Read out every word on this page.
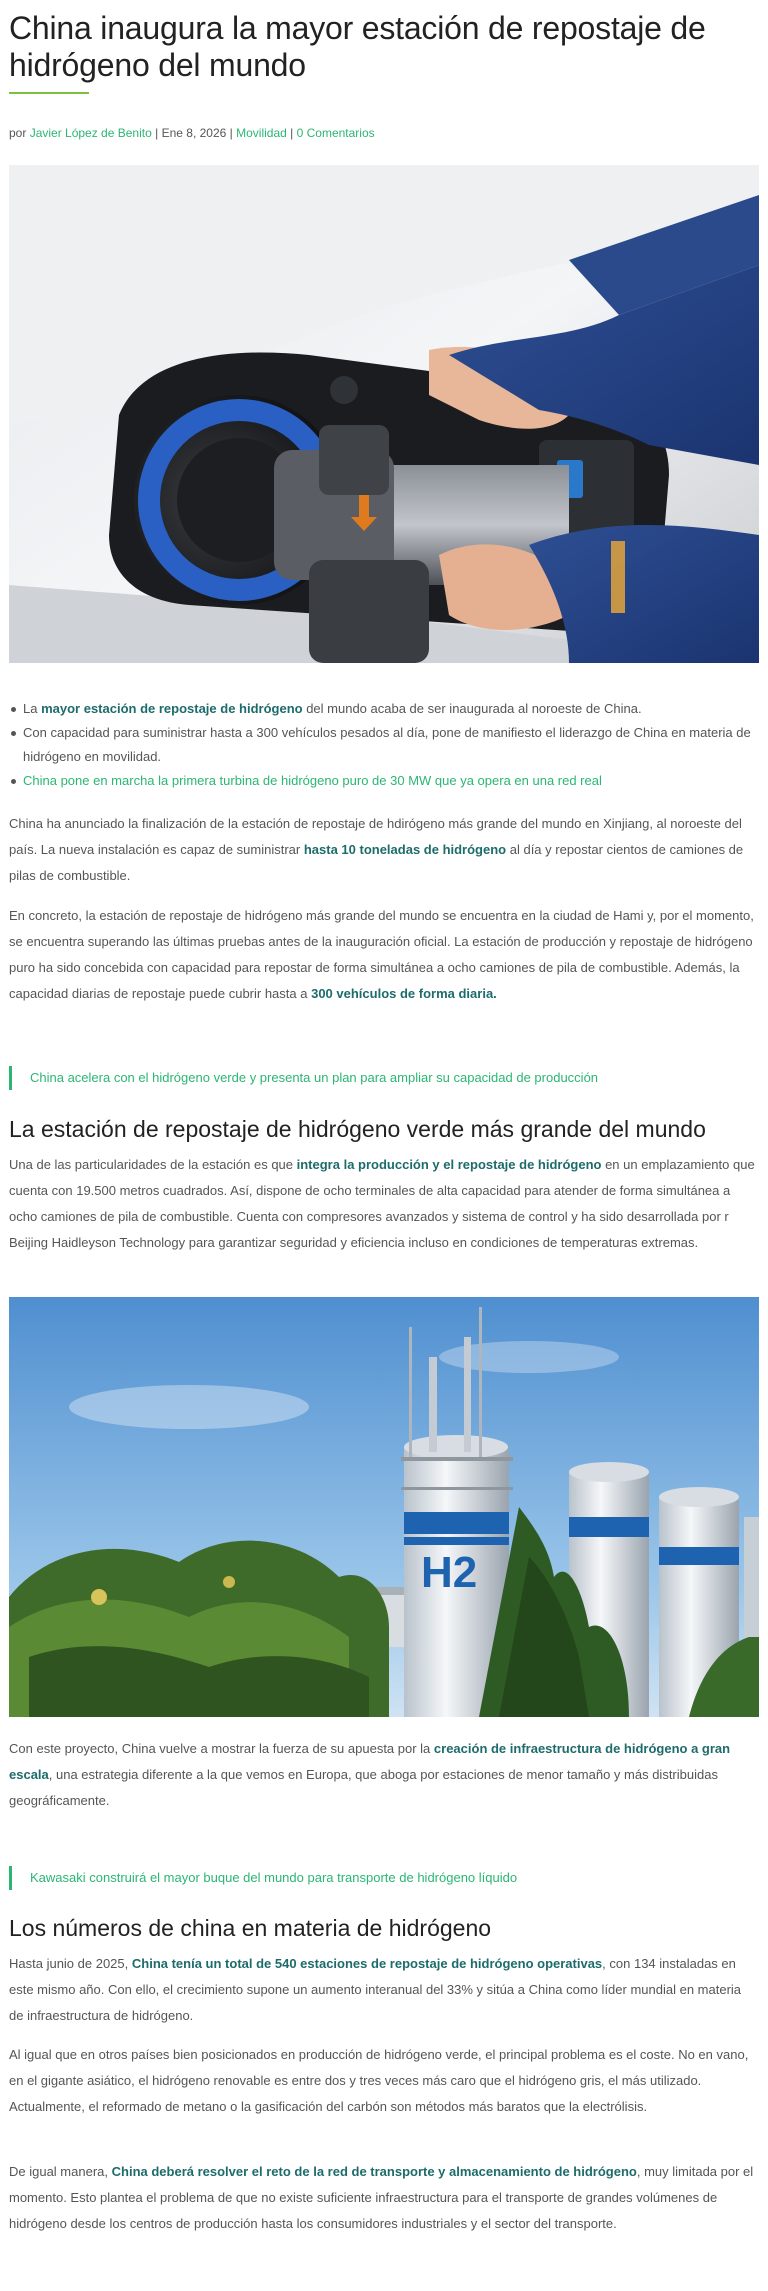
China inaugura la mayor estación de repostaje de hidrógeno del mundo
por Javier López de Benito | Ene 8, 2026 | Movilidad | 0 Comentarios
La mayor estación de repostaje de hidrógeno del mundo acaba de ser inaugurada al noroeste de China.
Con capacidad para suministrar hasta a 300 vehículos pesados al día, pone de manifiesto el liderazgo de China en materia de hidrógeno en movilidad.
China pone en marcha la primera turbina de hidrógeno puro de 30 MW que ya opera en una red real

China ha anunciado la finalización de la estación de repostaje de hdirógeno más grande del mundo en Xinjiang, al noroeste del país. La nueva instalación es capaz de suministrar hasta 10 toneladas de hidrógeno al día y repostar cientos de camiones de pilas de combustible.

En concreto, la estación de repostaje de hidrógeno más grande del mundo se encuentra en la ciudad de Hami y, por el momento, se encuentra superando las últimas pruebas antes de la inauguración oficial. La estación de producción y repostaje de hidrógeno puro ha sido concebida con capacidad para repostar de forma simultánea a ocho camiones de pila de combustible. Además, la capacidad diarias de repostaje puede cubrir hasta a 300 vehículos de forma diaria.

China acelera con el hidrógeno verde y presenta un plan para ampliar su capacidad de producción
La estación de repostaje de hidrógeno verde más grande del mundo

Una de las particularidades de la estación es que integra la producción y el repostaje de hidrógeno en un emplazamiento que cuenta con 19.500 metros cuadrados. Así, dispone de ocho terminales de alta capacidad para atender de forma simultánea a ocho camiones de pila de combustible. Cuenta con compresores avanzados y sistema de control y ha sido desarrollada por r Beijing Haidleyson Technology para garantizar seguridad y eficiencia incluso en condiciones de temperaturas extremas.

H2

Con este proyecto, China vuelve a mostrar la fuerza de su apuesta por la creación de infraestructura de hidrógeno a gran escala, una estrategia diferente a la que vemos en Europa, que aboga por estaciones de menor tamaño y más distribuidas geográficamente.

Kawasaki construirá el mayor buque del mundo para transporte de hidrógeno líquido
Los números de china en materia de hidrógeno

Hasta junio de 2025, China tenía un total de 540 estaciones de repostaje de hidrógeno operativas, con 134 instaladas en este mismo año. Con ello, el crecimiento supone un aumento interanual del 33% y sitúa a China como líder mundial en materia de infraestructura de hidrógeno.

Al igual que en otros países bien posicionados en producción de hidrógeno verde, el principal problema es el coste. No en vano, en el gigante asiático, el hidrógeno renovable es entre dos y tres veces más caro que el hidrógeno gris, el más utilizado. Actualmente, el reformado de metano o la gasificación del carbón son métodos más baratos que la electrólisis.

De igual manera, China deberá resolver el reto de la red de transporte y almacenamiento de hidrógeno, muy limitada por el momento. Esto plantea el problema de que no existe suficiente infraestructura para el transporte de grandes volúmenes de hidrógeno desde los centros de producción hasta los consumidores industriales y el sector del transporte.
